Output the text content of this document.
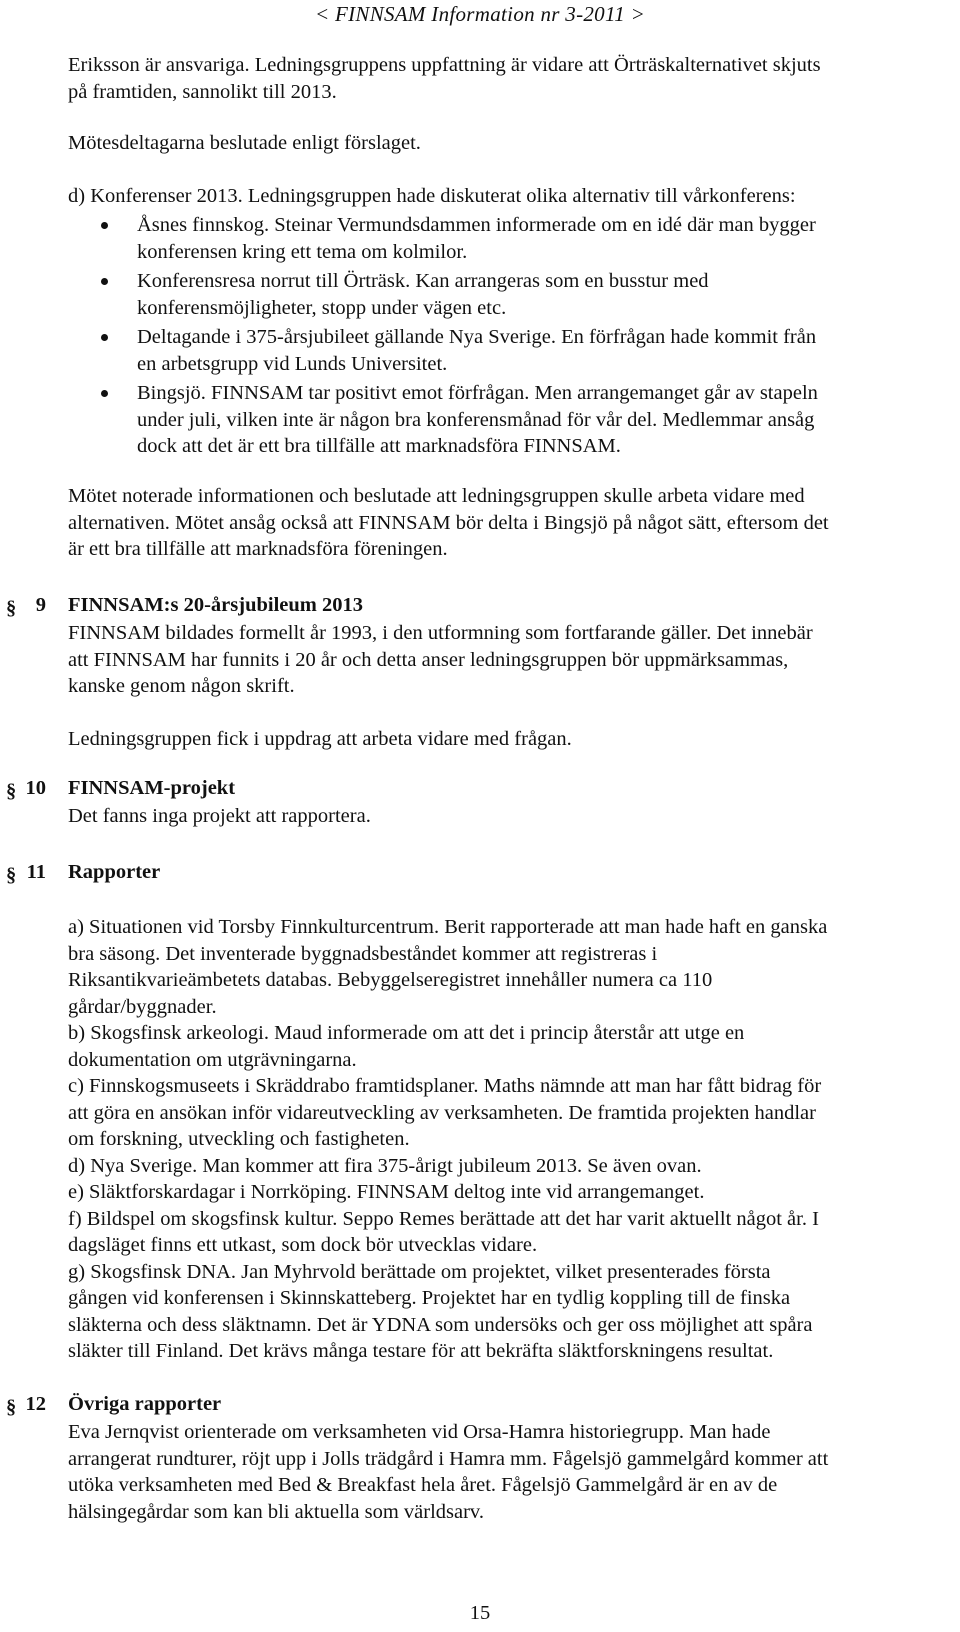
< FINNSAM Information nr 3-2011 >

Eriksson är ansvariga. Ledningsgruppens uppfattning är vidare att Örträskalternativet skjuts

på framtiden, sannolikt till 2013.

Mötesdeltagarna beslutade enligt förslaget.

d) Konferenser 2013. Ledningsgruppen hade diskuterat olika alternativ till vårkonferens:

Åsnes finnskog. Steinar Vermundsdammen informerade om en idé där man bygger
konferensen kring ett tema om kolmilor.
Konferensresa norrut till Örträsk. Kan arrangeras som en busstur med
konferensmöjligheter, stopp under vägen etc.
Deltagande i 375-årsjubileet gällande Nya Sverige. En förfrågan hade kommit från
en arbetsgrupp vid Lunds Universitet.
Bingsjö. FINNSAM tar positivt emot förfrågan. Men arrangemanget går av stapeln
under juli, vilken inte är någon bra konferensmånad för vår del. Medlemmar ansåg
dock att det är ett bra tillfälle att marknadsföra FINNSAM.

Mötet noterade informationen och beslutade att ledningsgruppen skulle arbeta vidare med

alternativen. Mötet ansåg också att FINNSAM bör delta i Bingsjö på något sätt, eftersom det

är ett bra tillfälle att marknadsföra föreningen.

§ 9 FINNSAM:s 20-årsjubileum 2013

FINNSAM bildades formellt år 1993, i den utformning som fortfarande gäller. Det innebär

att FINNSAM har funnits i 20 år och detta anser ledningsgruppen bör uppmärksammas,

kanske genom någon skrift.

Ledningsgruppen fick i uppdrag att arbeta vidare med frågan.

§ 10 FINNSAM-projekt

Det fanns inga projekt att rapportera.

§ 11 Rapporter

a) Situationen vid Torsby Finnkulturcentrum. Berit rapporterade att man hade haft en ganska

bra säsong. Det inventerade byggnadsbeståndet kommer att registreras i

Riksantikvarieämbetets databas. Bebyggelseregistret innehåller numera ca 110

gårdar/byggnader.

b) Skogsfinsk arkeologi. Maud informerade om att det i princip återstår att utge en

dokumentation om utgrävningarna.

c) Finnskogsmuseets i Skräddrabo framtidsplaner. Maths nämnde att man har fått bidrag för

att göra en ansökan inför vidareutveckling av verksamheten. De framtida projekten handlar

om forskning, utveckling och fastigheten.

d) Nya Sverige. Man kommer att fira 375-årigt jubileum 2013. Se även ovan.

e) Släktforskardagar i Norrköping. FINNSAM deltog inte vid arrangemanget.

f) Bildspel om skogsfinsk kultur. Seppo Remes berättade att det har varit aktuellt något år. I

dagsläget finns ett utkast, som dock bör utvecklas vidare.

g) Skogsfinsk DNA. Jan Myhrvold berättade om projektet, vilket presenterades första

gången vid konferensen i Skinnskatteberg. Projektet har en tydlig koppling till de finska

släkterna och dess släktnamn. Det är YDNA som undersöks och ger oss möjlighet att spåra

släkter till Finland. Det krävs många testare för att bekräfta släktforskningens resultat.

§ 12 Övriga rapporter

Eva Jernqvist orienterade om verksamheten vid Orsa-Hamra historiegrupp. Man hade

arrangerat rundturer, röjt upp i Jolls trädgård i Hamra mm. Fågelsjö gammelgård kommer att

utöka verksamheten med Bed & Breakfast hela året. Fågelsjö Gammelgård är en av de

hälsingegårdar som kan bli aktuella som världsarv.

15
